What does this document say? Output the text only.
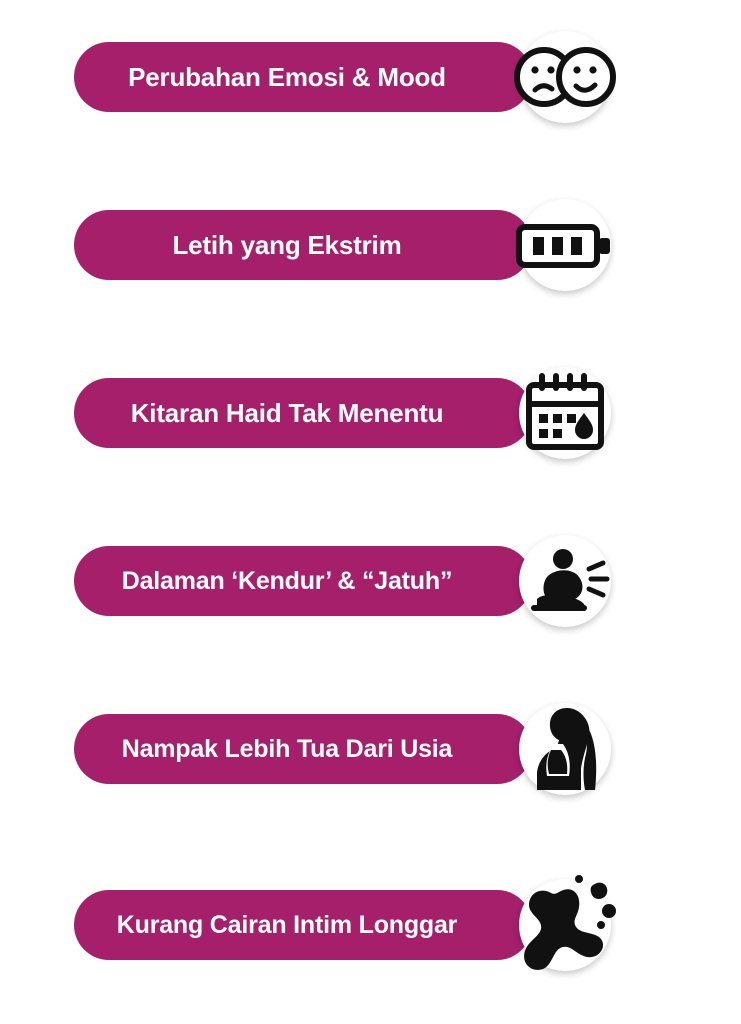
Perubahan Emosi & Mood
Letih yang Ekstrim
Kitaran Haid Tak Menentu
Dalaman ‘Kendur’ & “Jatuh”
Nampak Lebih Tua Dari Usia
Kurang Cairan Intim Longgar
